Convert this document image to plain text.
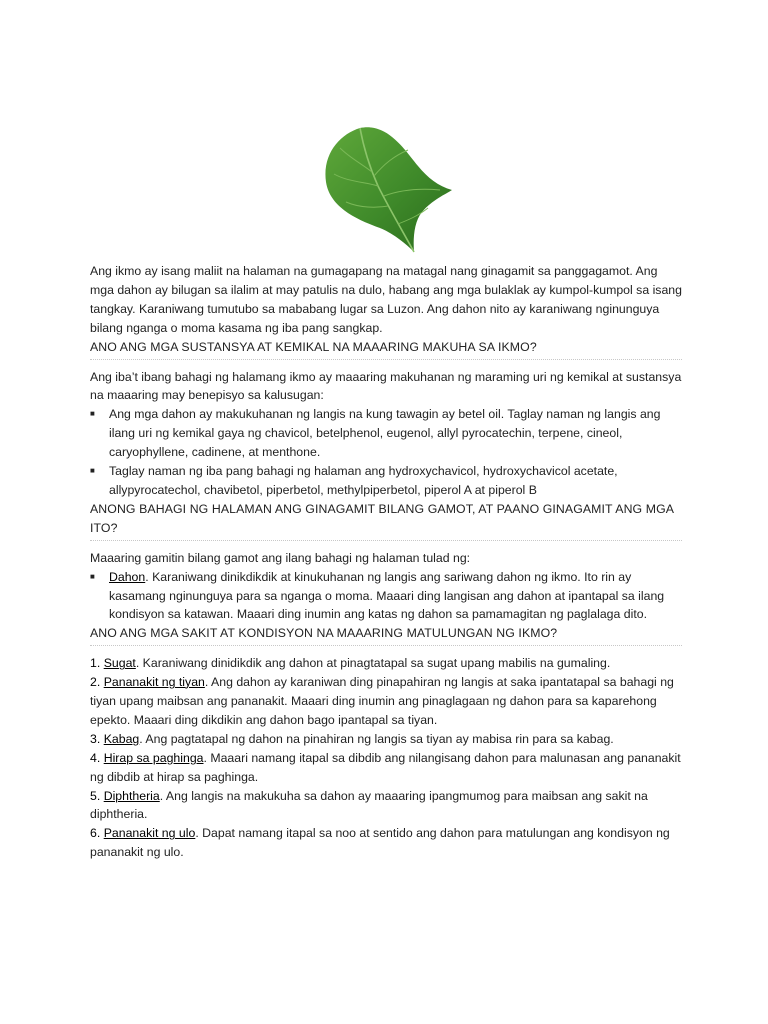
Ang ikmo ay isang maliit na halaman na gumagapang na matagal nang ginagamit sa panggagamot. Ang mga dahon ay bilugan sa ilalim at may patulis na dulo, habang ang mga bulaklak ay kumpol-kumpol sa isang tangkay. Karaniwang tumutubo sa mababang lugar sa Luzon. Ang dahon nito ay karaniwang nginunguya bilang nganga o moma kasama ng iba pang sangkap.

ANO ANG MGA SUSTANSYA AT KEMIKAL NA MAAARING MAKUHA SA IKMO?

Ang iba’t ibang bahagi ng halamang ikmo ay maaaring makuhanan ng maraming uri ng kemikal at sustansya na maaaring may benepisyo sa kalusugan:

■ Ang mga dahon ay makukuhanan ng langis na kung tawagin ay betel oil. Taglay naman ng langis ang ilang uri ng kemikal gaya ng chavicol, betelphenol, eugenol, allyl pyrocatechin, terpene, cineol, caryophyllene, cadinene, at menthone.
■ Taglay naman ng iba pang bahagi ng halaman ang hydroxychavicol, hydroxychavicol acetate, allypyrocatechol, chavibetol, piperbetol, methylpiperbetol, piperol A at piperol B

ANONG BAHAGI NG HALAMAN ANG GINAGAMIT BILANG GAMOT, AT PAANO GINAGAMIT ANG MGA ITO?

Maaaring gamitin bilang gamot ang ilang bahagi ng halaman tulad ng:

■ Dahon. Karaniwang dinikdikdik at kinukuhanan ng langis ang sariwang dahon ng ikmo. Ito rin ay kasamang nginunguya para sa nganga o moma. Maaari ding langisan ang dahon at ipantapal sa ilang kondisyon sa katawan. Maaari ding inumin ang katas ng dahon sa pamamagitan ng paglalaga dito.

ANO ANG MGA SAKIT AT KONDISYON NA MAAARING MATULUNGAN NG IKMO?

1. Sugat. Karaniwang dinidikdik ang dahon at pinagtatapal sa sugat upang mabilis na gumaling.

2. Pananakit ng tiyan. Ang dahon ay karaniwan ding pinapahiran ng langis at saka ipantatapal sa bahagi ng tiyan upang maibsan ang pananakit. Maaari ding inumin ang pinaglagaan ng dahon para sa kaparehong epekto. Maaari ding dikdikin ang dahon bago ipantapal sa tiyan.

3. Kabag. Ang pagtatapal ng dahon na pinahiran ng langis sa tiyan ay mabisa rin para sa kabag.

4. Hirap sa paghinga. Maaari namang itapal sa dibdib ang nilangisang dahon para malunasan ang pananakit ng dibdib at hirap sa paghinga.

5. Diphtheria. Ang langis na makukuha sa dahon ay maaaring ipangmumog para maibsan ang sakit na diphtheria.

6. Pananakit ng ulo. Dapat namang itapal sa noo at sentido ang dahon para matulungan ang kondisyon ng pananakit ng ulo.
